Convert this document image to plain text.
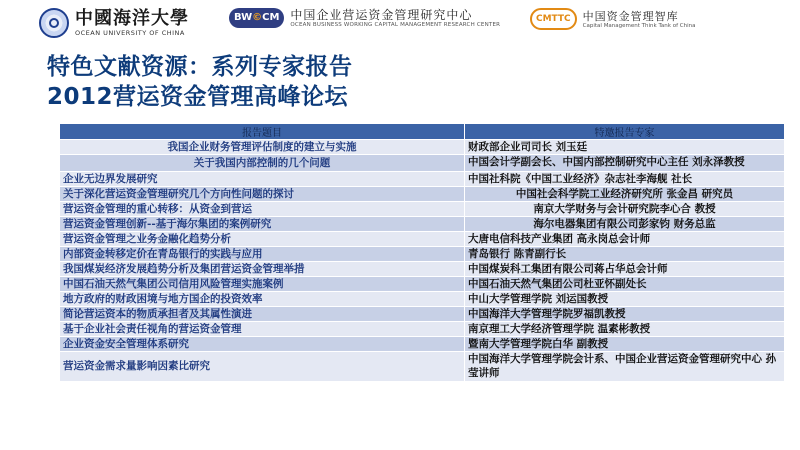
中國海洋大學
OCEAN UNIVERSITY OF CHINA
BW©CM 中国企业营运资金管理研究中心
OCEAN BUSINESS WORKING CAPITAL MANAGEMENT RESEARCH CENTER
CMTTC	中国资金管理智库
Capital Management Think Tank of China
特色文献资源：系列专家报告
2012营运资金管理高峰论坛
报告题目	特邀报告专家
我国企业财务管理评估制度的建立与实施	财政部企业司司长 刘玉廷
关于我国内部控制的几个问题	中国会计学副会长、中国内部控制研究中心主任 刘永泽教授
企业无边界发展研究	中国社科院《中国工业经济》杂志社李海舰 社长
关于深化营运资金管理研究几个方向性问题的探讨	中国社会科学院工业经济研究所 张金昌 研究员
营运资金管理的重心转移：从资金到营运	南京大学财务与会计研究院李心合 教授
营运资金管理创新--基于海尔集团的案例研究	海尔电器集团有限公司彭家钧 财务总监
营运资金管理之业务金融化趋势分析	大唐电信科技产业集团 高永岗总会计师
内部资金转移定价在青岛银行的实践与应用	青岛银行 陈青副行长
我国煤炭经济发展趋势分析及集团营运资金管理举措	中国煤炭科工集团有限公司蒋占华总会计师
中国石油天然气集团公司信用风险管理实施案例	中国石油天然气集团公司杜亚怀副处长
地方政府的财政困境与地方国企的投资效率	中山大学管理学院 刘运国教授
简论营运资本的物质承担者及其属性演进	中国海洋大学管理学院罗福凯教授
基于企业社会责任视角的营运资金管理	南京理工大学经济管理学院 温素彬教授
企业资金安全管理体系研究	暨南大学管理学院白华 副教授
营运资金需求量影响因素比研究	中国海洋大学管理学院会计系、中国企业营运资金管理研究中心 孙莹讲师
